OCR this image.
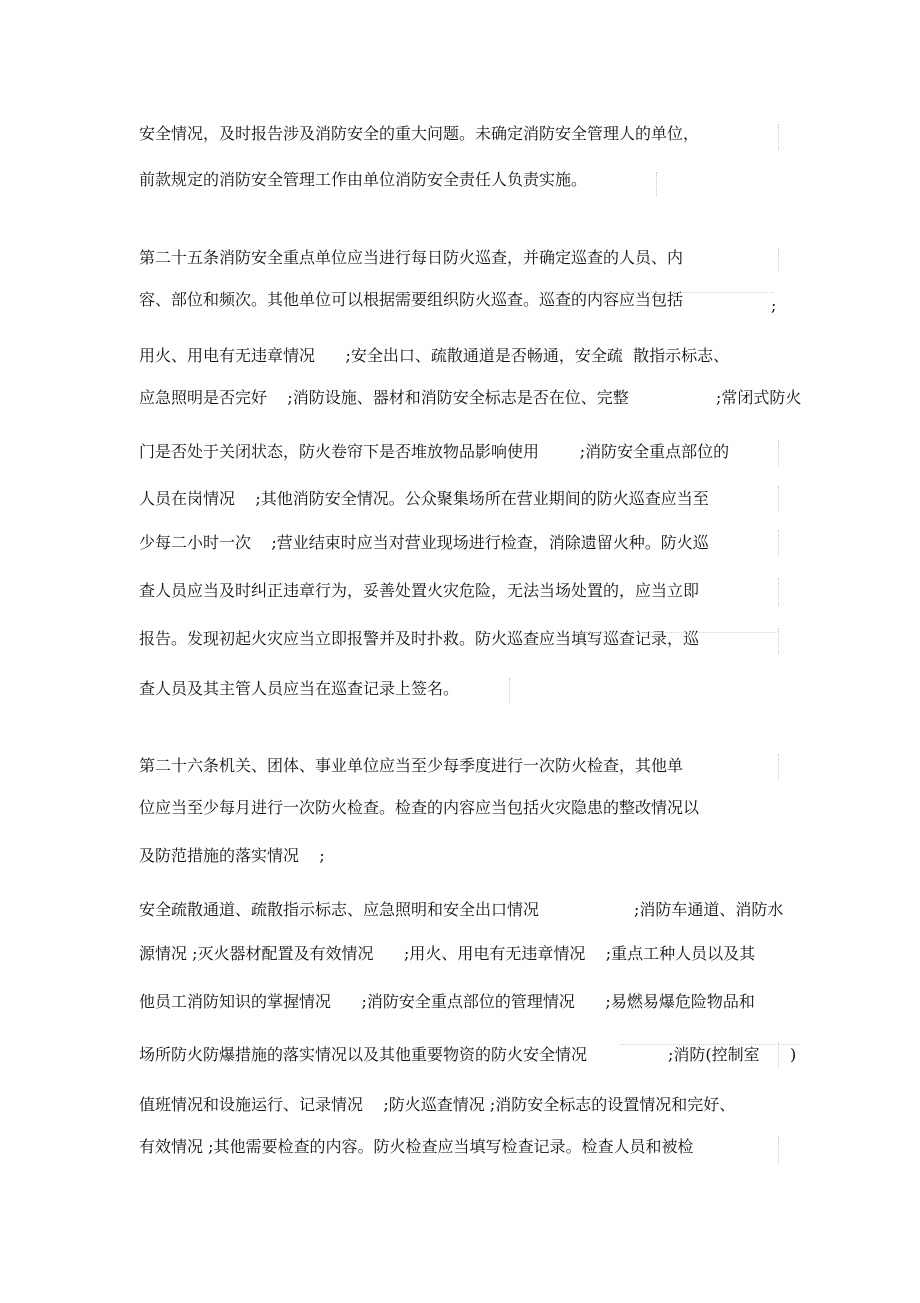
安全情况，及时报告涉及消防安全的重大问题。未确定消防安全管理人的单位，
前款规定的消防安全管理工作由单位消防安全责任人负责实施。
第二十五条消防安全重点单位应当进行每日防火巡查，并确定巡查的人员、内
容、部位和频次。其他单位可以根据需要组织防火巡查。巡查的内容应当包括	;
用火、用电有无违章情况      ;安全出口、疏散通道是否畅通，安全疏  散指示标志、
应急照明是否完好    ;消防设施、器材和消防安全标志是否在位、完整	;常闭式防火
门是否处于关闭状态，防火卷帘下是否堆放物品影响使用        ;消防安全重点部位的
人员在岗情况    ;其他消防安全情况。公众聚集场所在营业期间的防火巡查应当至
少每二小时一次    ;营业结束时应当对营业现场进行检查，消除遗留火种。防火巡
查人员应当及时纠正违章行为，妥善处置火灾危险，无法当场处置的，应当立即
报告。发现初起火灾应当立即报警并及时扑救。防火巡查应当填写巡查记录，巡
查人员及其主管人员应当在巡查记录上签名。
第二十六条机关、团体、事业单位应当至少每季度进行一次防火检查，其他单
位应当至少每月进行一次防火检查。检查的内容应当包括火灾隐患的整改情况以
及防范措施的落实情况    ;
安全疏散通道、疏散指示标志、应急照明和安全出口情况	;消防车通道、消防水
源情况 ;灭火器材配置及有效情况      ;用火、用电有无违章情况    ;重点工种人员以及其
他员工消防知识的掌握情况      ;消防安全重点部位的管理情况      ;易燃易爆危险物品和
场所防火防爆措施的落实情况以及其他重要物资的防火安全情况	;消防(控制室 )
值班情况和设施运行、记录情况    ;防火巡查情况 ;消防安全标志的设置情况和完好、
有效情况 ;其他需要检查的内容。防火检查应当填写检查记录。检查人员和被检
